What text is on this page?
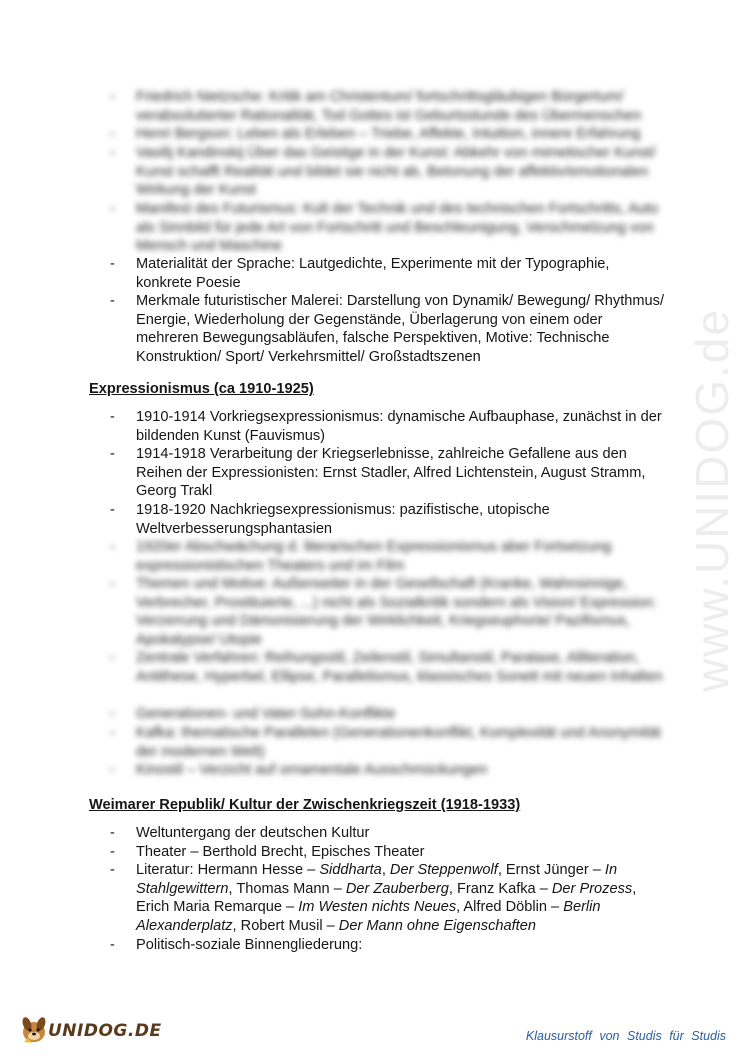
www.UNIDOG.de
- Friedrich Nietzsche: Kritik am Christentum/ fortschrittsgläubigen Bürgertum/ verabsolutierter Rationalität, Tod Gottes ist Geburtsstunde des Übermenschen
- Henri Bergson: Leben als Erleben – Triebe, Affekte, Intuition, innere Erfahrung
- Vasilij Kandinskij Über das Geistige in der Kunst: Abkehr von mimetischer Kunst/ Kunst schafft Realität und bildet sie nicht ab, Betonung der affektiv/emotionalen Wirkung der Kunst
- Manifest des Futurismus: Kult der Technik und des technischen Fortschritts, Auto als Sinnbild für jede Art von Fortschritt und Beschleunigung, Verschmelzung von Mensch und Maschine
- Materialität der Sprache: Lautgedichte, Experimente mit der Typographie, konkrete Poesie
- Merkmale futuristischer Malerei: Darstellung von Dynamik/ Bewegung/ Rhythmus/ Energie, Wiederholung der Gegenstände, Überlagerung von einem oder mehreren Bewegungsabläufen, falsche Perspektiven, Motive: Technische Konstruktion/ Sport/ Verkehrsmittel/ Großstadtszenen
Expressionismus (ca 1910-1925)
- 1910-1914 Vorkriegsexpressionismus: dynamische Aufbauphase, zunächst in der bildenden Kunst (Fauvismus)
- 1914-1918 Verarbeitung der Kriegserlebnisse, zahlreiche Gefallene aus den Reihen der Expressionisten: Ernst Stadler, Alfred Lichtenstein, August Stramm, Georg Trakl
- 1918-1920 Nachkriegsexpressionismus: pazifistische, utopische Weltverbesserungsphantasien
- 1920er Abschwächung d. literarischen Expressionismus aber Fortsetzung expressionistischen Theaters und im Film
- Themen und Motive: Außenseiter in der Gesellschaft (Kranke, Wahnsinnige, Verbrecher, Prostituierte, ...) nicht als Sozialkritik sondern als Vision/ Expression: Verzerrung und Dämonisierung der Wirklichkeit, Kriegseuphorie/ Pazifismus, Apokalypse/ Utopie
- Zentrale Verfahren: Reihungsstil, Zeilenstil, Simultanstil, Parataxe, Alliteration, Antithese, Hyperbel, Ellipse, Parallelismus, klassisches Sonett mit neuen Inhalten
- Generationen- und Vater-Sohn-Konflikte
- Kafka: thematische Parallelen (Generationenkonflikt, Komplexität und Anonymität der modernen Welt)
- Kinostil – Verzicht auf ornamentale Ausschmückungen
Weimarer Republik/ Kultur der Zwischenkriegszeit (1918-1933)
- Weltuntergang der deutschen Kultur
- Theater – Berthold Brecht, Episches Theater
- Literatur: Hermann Hesse – Siddharta, Der Steppenwolf, Ernst Jünger – In Stahlgewittern, Thomas Mann – Der Zauberberg, Franz Kafka – Der Prozess, Erich Maria Remarque – Im Westen nichts Neues, Alfred Döblin – Berlin Alexanderplatz, Robert Musil – Der Mann ohne Eigenschaften
- Politisch-soziale Binnengliederung:
UNIDOG.DE	Klausurstoff von Studis für Studis
